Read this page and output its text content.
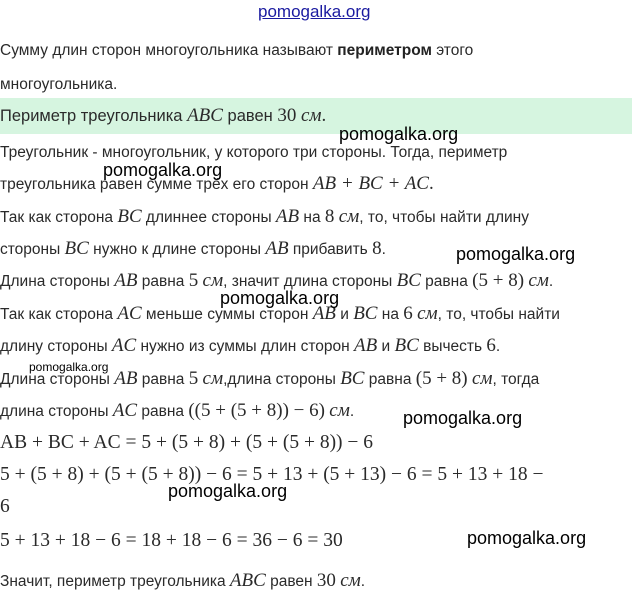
Сумму длин сторон многоугольника называют периметром этого
многоугольника.
Периметр треугольника ABC равен 30 см.
Треугольник - многоугольник, у которого три стороны. Тогда, периметр
треугольника равен сумме трёх его сторон AB + BC + AC.
Так как сторона BC длиннее стороны AB на 8 см, то, чтобы найти длину
стороны BC нужно к длине стороны AB прибавить 8.
Длина стороны AB равна 5 см, значит длина стороны BC равна (5 + 8) см.
Так как сторона AC меньше суммы сторон AB и BC на 6 см, то, чтобы найти
длину стороны AC нужно из суммы длин сторон AB и BC вычесть 6.
Длина стороны AB равна 5 см,длина стороны BC равна (5 + 8) см, тогда
длина стороны AC равна ((5 + (5 + 8)) − 6) см.
AB + BC + AC = 5 + (5 + 8) + (5 + (5 + 8)) − 6
5 + (5 + 8) + (5 + (5 + 8)) − 6 = 5 + 13 + (5 + 13) − 6 = 5 + 13 + 18 −
6
5 + 13 + 18 − 6 = 18 + 18 − 6 = 36 − 6 = 30
Значит, периметр треугольника ABC равен 30 см.
pomogalka.org
pomogalka.org
pomogalka.org
pomogalka.org
pomogalka.org
pomogalka.org
pomogalka.org
pomogalka.org
pomogalka.org
